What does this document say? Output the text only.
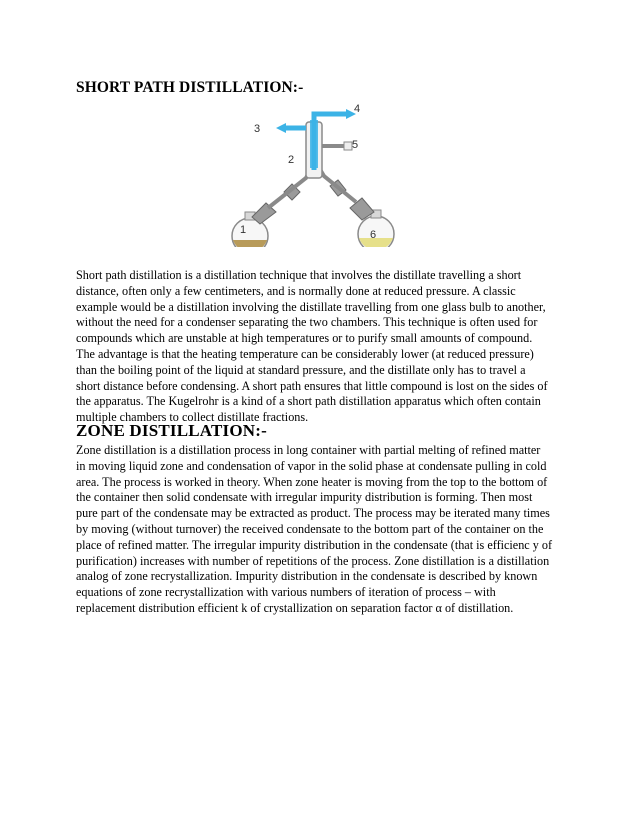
SHORT PATH DISTILLATION:-
1
2
3
4
5
6
Short path distillation is a distillation technique that involves the distillate travelling a short
distance, often only a few centimeters, and is normally done at reduced pressure. A classic
example would be a distillation involving the distillate travelling from one glass bulb to another,
without the need for a condenser separating the two chambers. This technique is often used for
compounds which are unstable at high temperatures or to purify small amounts of compound.
The advantage is that the heating temperature can be considerably lower (at reduced pressure)
than the boiling point of the liquid at standard pressure, and the distillate only has to travel a
short distance before condensing. A short path ensures that little compound is lost on the sides of
the apparatus. The Kugelrohr is a kind of a short path distillation apparatus which often contain
multiple chambers to collect distillate fractions.
ZONE DISTILLATION:-
Zone distillation is a distillation process in long container with partial melting of refined matter
in moving liquid zone and condensation of vapor in the solid phase at condensate pulling in cold
area. The process is worked in theory. When zone heater is moving from the top to the bottom of
the container then solid condensate with irregular impurity distribution is forming. Then most
pure part of the condensate may be extracted as product. The process may be iterated many times
by moving (without turnover) the received condensate to the bottom part of the container on the
place of refined matter. The irregular impurity distribution in the condensate (that is efficienc y of
purification) increases with number of repetitions of the process. Zone distillation is a distillation
analog of zone recrystallization. Impurity distribution in the condensate is described by known
equations of zone recrystallization with various numbers of iteration of process – with
replacement distribution efficient k of crystallization on separation factor α of distillation.
